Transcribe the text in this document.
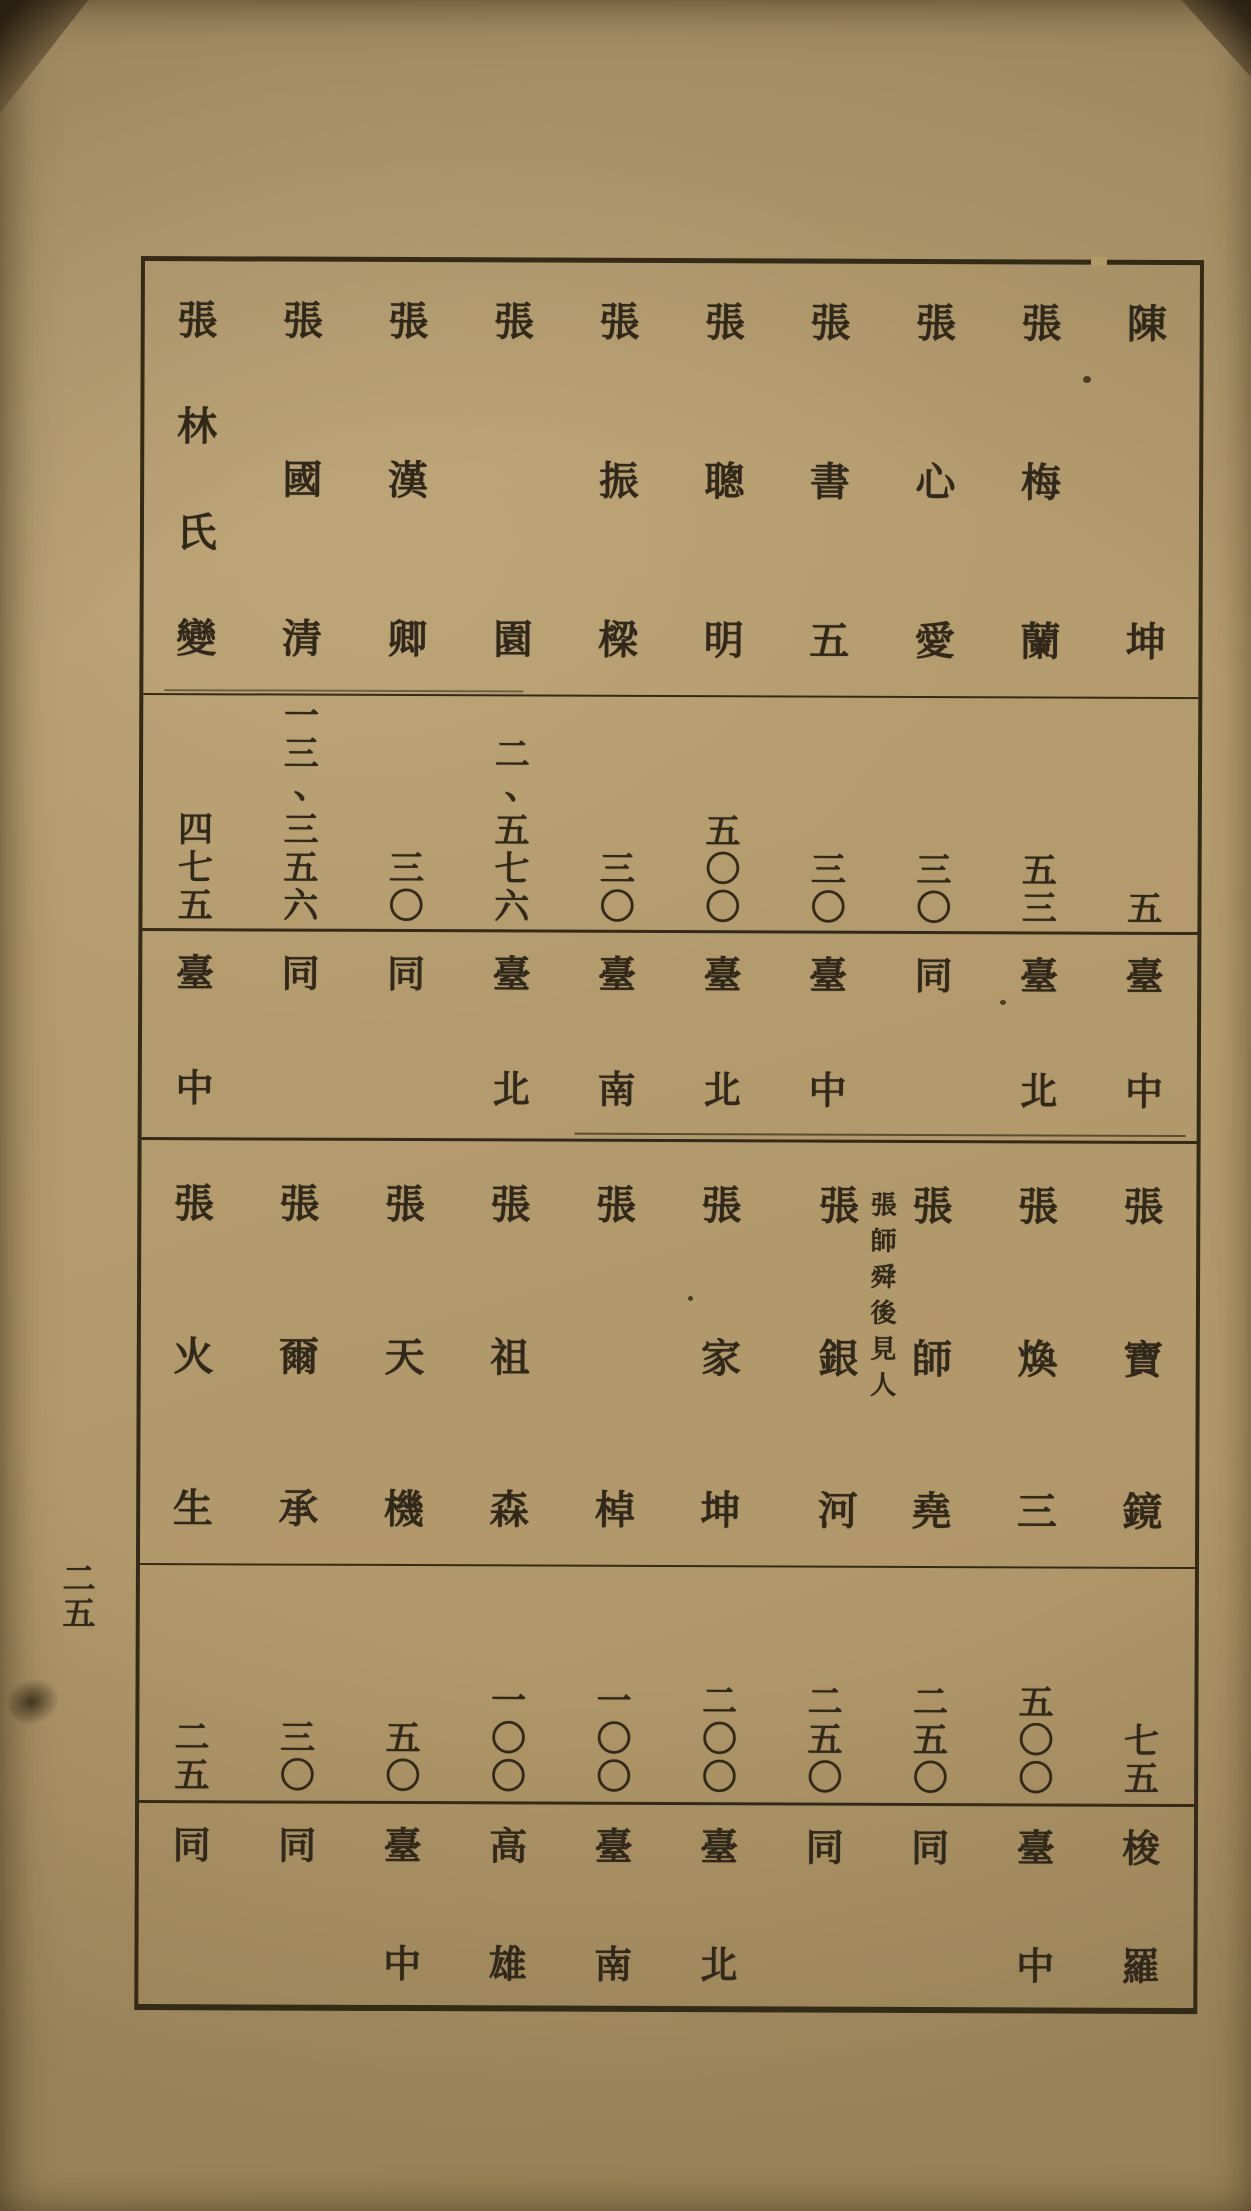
陳
坤
張
梅
蘭
張
心
愛
張
書
五
張
聰
明
張
振
樑
張
園
張
漢
卿
張
國
清
張
林
氏
變
五
五
三
三
〇
三
〇
五
〇
〇
三
〇
二
、
五
七
六
三
〇
一
三
、
三
五
六
四
七
五
臺
中
臺
北
同
臺
中
臺
北
臺
南
臺
北
同
同
臺
中
張
寶
鏡
張
煥
三
張
師
堯
張
銀
河
張
師
舜
後
見
人
張
家
坤
張
棹
張
祖
森
張
天
機
張
爾
承
張
火
生
七
五
五
〇
〇
二
五
〇
二
五
〇
二
〇
〇
一
〇
〇
一
〇
〇
五
〇
三
〇
二
五
梭
羅
臺
中
同
同
臺
北
臺
南
高
雄
臺
中
同
同
二
五
